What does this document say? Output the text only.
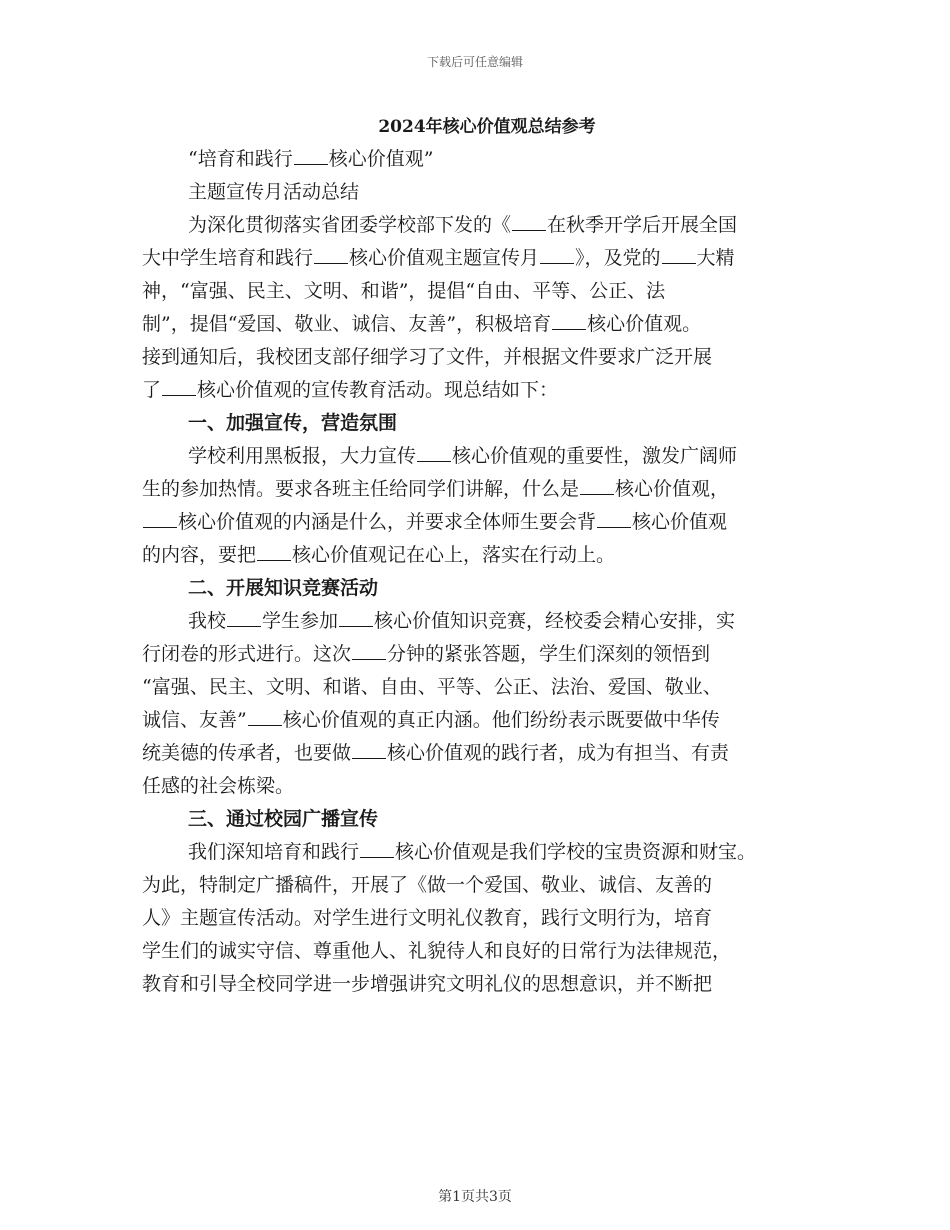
下载后可任意编辑
2024年核心价值观总结参考
“培育和践行 核心价值观”
主题宣传月活动总结
为深化贯彻落实省团委学校部下发的《 在秋季开学后开展全国
大中学生培育和践行 核心价值观主题宣传月 》，及党的 大精
神，“富强、民主、文明、和谐”，提倡“自由、平等、公正、法
制”，提倡“爱国、敬业、诚信、友善”，积极培育 核心价值观。
接到通知后，我校团支部仔细学习了文件，并根据文件要求广泛开展
了 核心价值观的宣传教育活动。现总结如下：
一、加强宣传，营造氛围
学校利用黑板报，大力宣传 核心价值观的重要性，激发广阔师
生的参加热情。要求各班主任给同学们讲解，什么是 核心价值观，
核心价值观的内涵是什么，并要求全体师生要会背 核心价值观
的内容，要把 核心价值观记在心上，落实在行动上。
二、开展知识竞赛活动
我校 学生参加 核心价值知识竞赛，经校委会精心安排，实
行闭卷的形式进行。这次 分钟的紧张答题，学生们深刻的领悟到
“富强、民主、文明、和谐、自由、平等、公正、法治、爱国、敬业、
诚信、友善” 核心价值观的真正内涵。他们纷纷表示既要做中华传
统美德的传承者，也要做 核心价值观的践行者，成为有担当、有责
任感的社会栋梁。
三、通过校园广播宣传
我们深知培育和践行 核心价值观是我们学校的宝贵资源和财宝。
为此，特制定广播稿件，开展了《做一个爱国、敬业、诚信、友善的
人》主题宣传活动。对学生进行文明礼仪教育，践行文明行为，培育
学生们的诚实守信、尊重他人、礼貌待人和良好的日常行为法律规范，
教育和引导全校同学进一步增强讲究文明礼仪的思想意识，并不断把
第1页共3页
